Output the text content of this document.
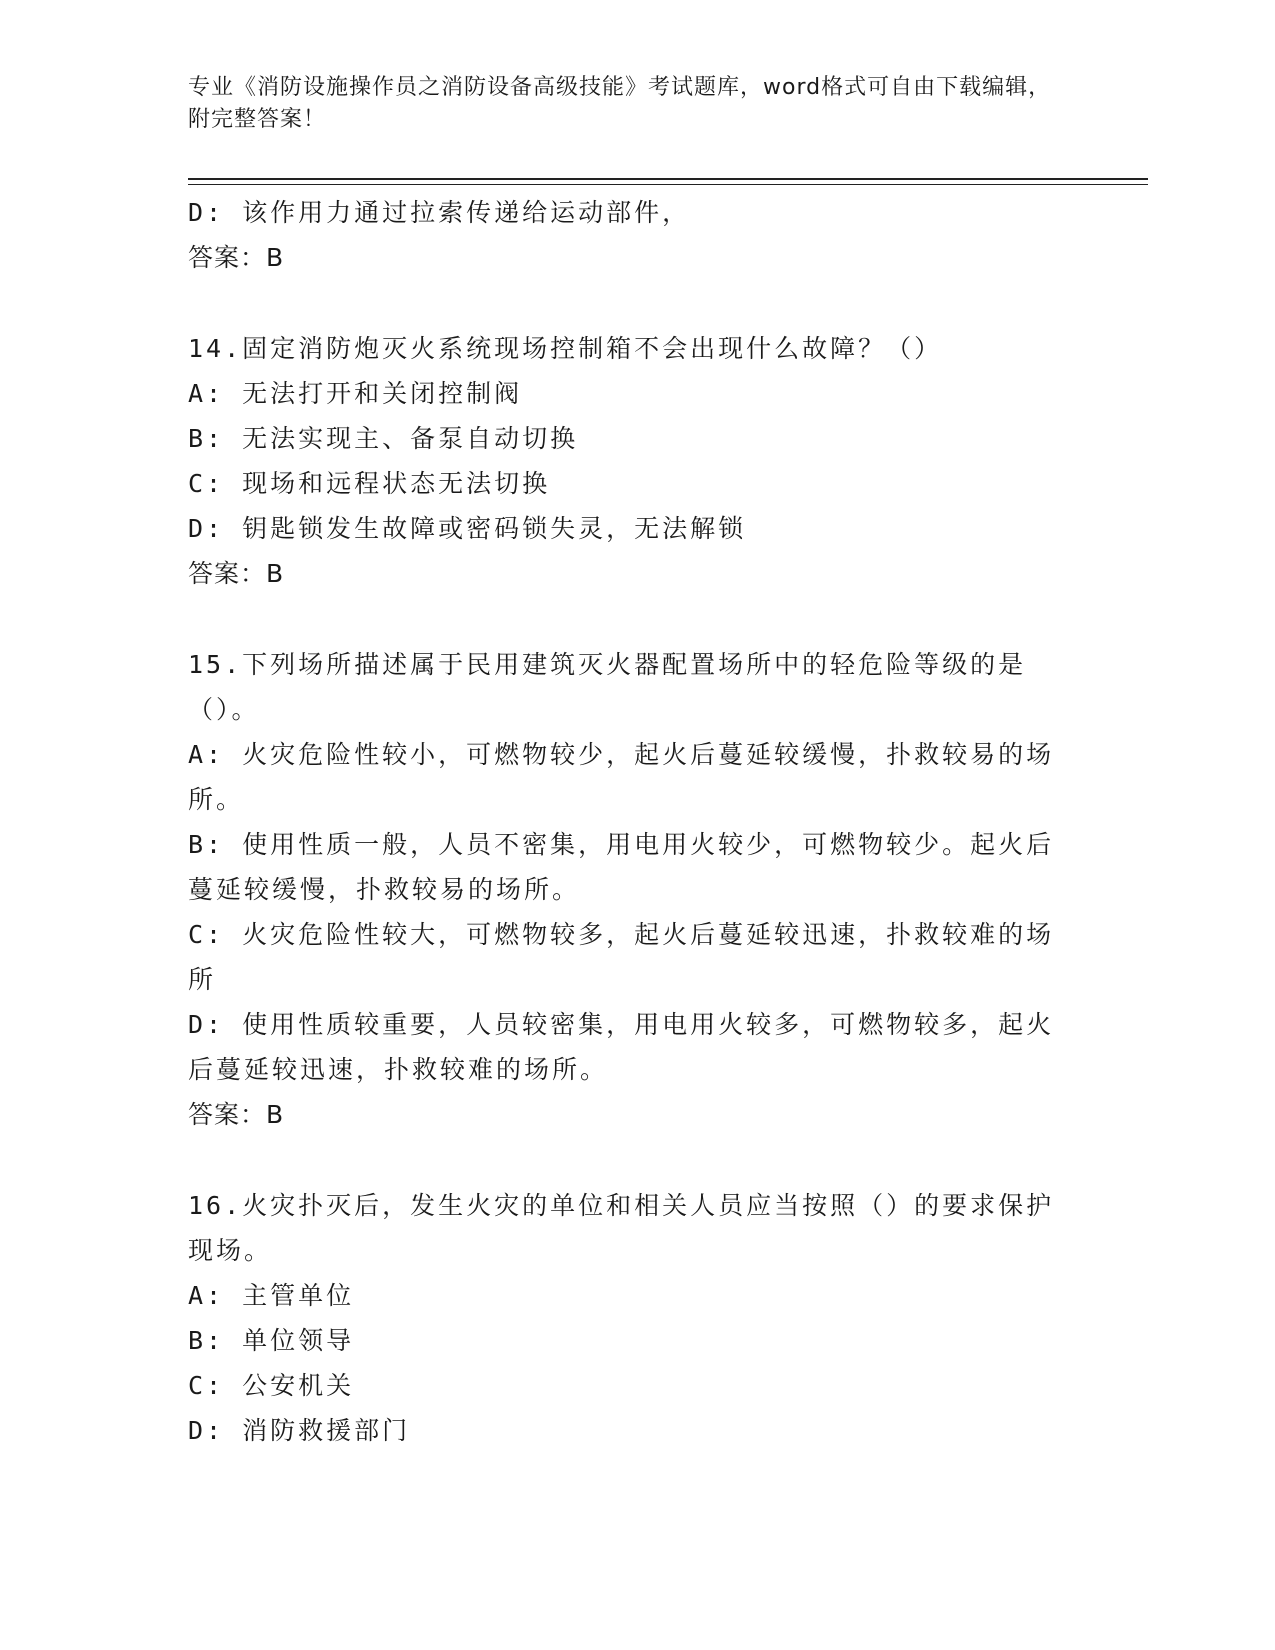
专业《消防设施操作员之消防设备高级技能》考试题库，word格式可自由下载编辑，附完整答案！
D: 该作用力通过拉索传递给运动部件，
答案：B
14.固定消防炮灭火系统现场控制箱不会出现什么故障？（）
A: 无法打开和关闭控制阀
B: 无法实现主、备泵自动切换
C: 现场和远程状态无法切换
D: 钥匙锁发生故障或密码锁失灵，无法解锁
答案：B
15.下列场所描述属于民用建筑灭火器配置场所中的轻危险等级的是（）。
A: 火灾危险性较小，可燃物较少，起火后蔓延较缓慢，扑救较易的场所。
B: 使用性质一般，人员不密集，用电用火较少，可燃物较少。起火后蔓延较缓慢，扑救较易的场所。
C: 火灾危险性较大，可燃物较多，起火后蔓延较迅速，扑救较难的场所
D: 使用性质较重要，人员较密集，用电用火较多，可燃物较多，起火后蔓延较迅速，扑救较难的场所。
答案：B
16.火灾扑灭后，发生火灾的单位和相关人员应当按照（）的要求保护现场。
A: 主管单位
B: 单位领导
C: 公安机关
D: 消防救援部门
